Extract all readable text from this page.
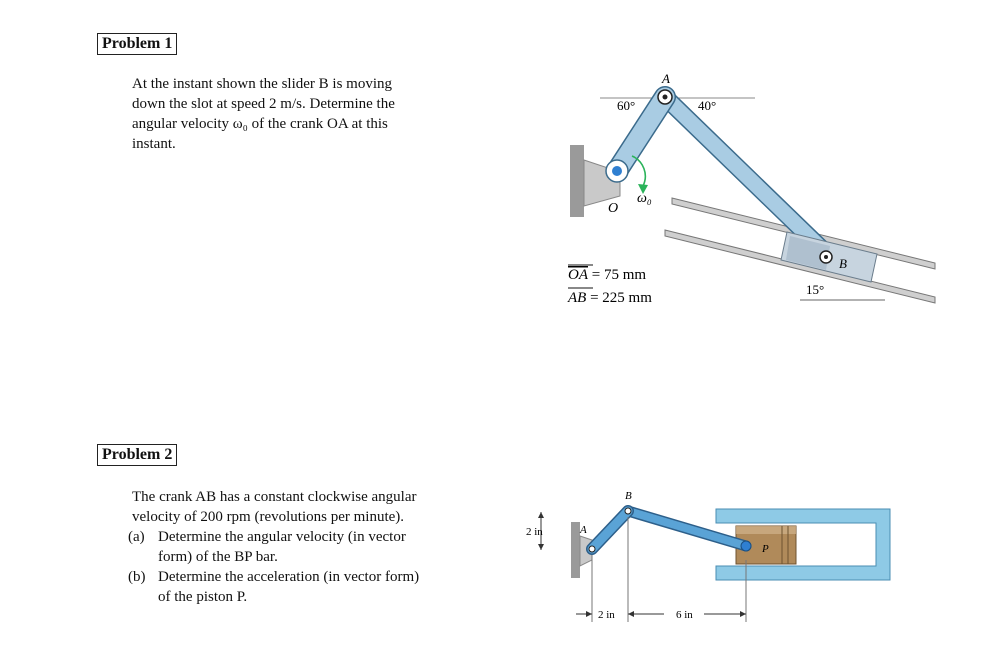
Problem 1
At the instant shown the slider B is moving
down the slot at speed 2 m/s. Determine the
angular velocity ω₀ of the crank OA at this
instant.
15°
60°	40°
B
A
O
ω₀
OA = 75 mm
AB = 225 mm
Problem 2
The crank AB has a constant clockwise angular
velocity of 200 rpm (revolutions per minute).
(a) Determine the angular velocity (in vector
form) of the BP bar.
(b) Determine the acceleration (in vector form)
of the piston P.
A
2 in
P
B
2 in	6 in
